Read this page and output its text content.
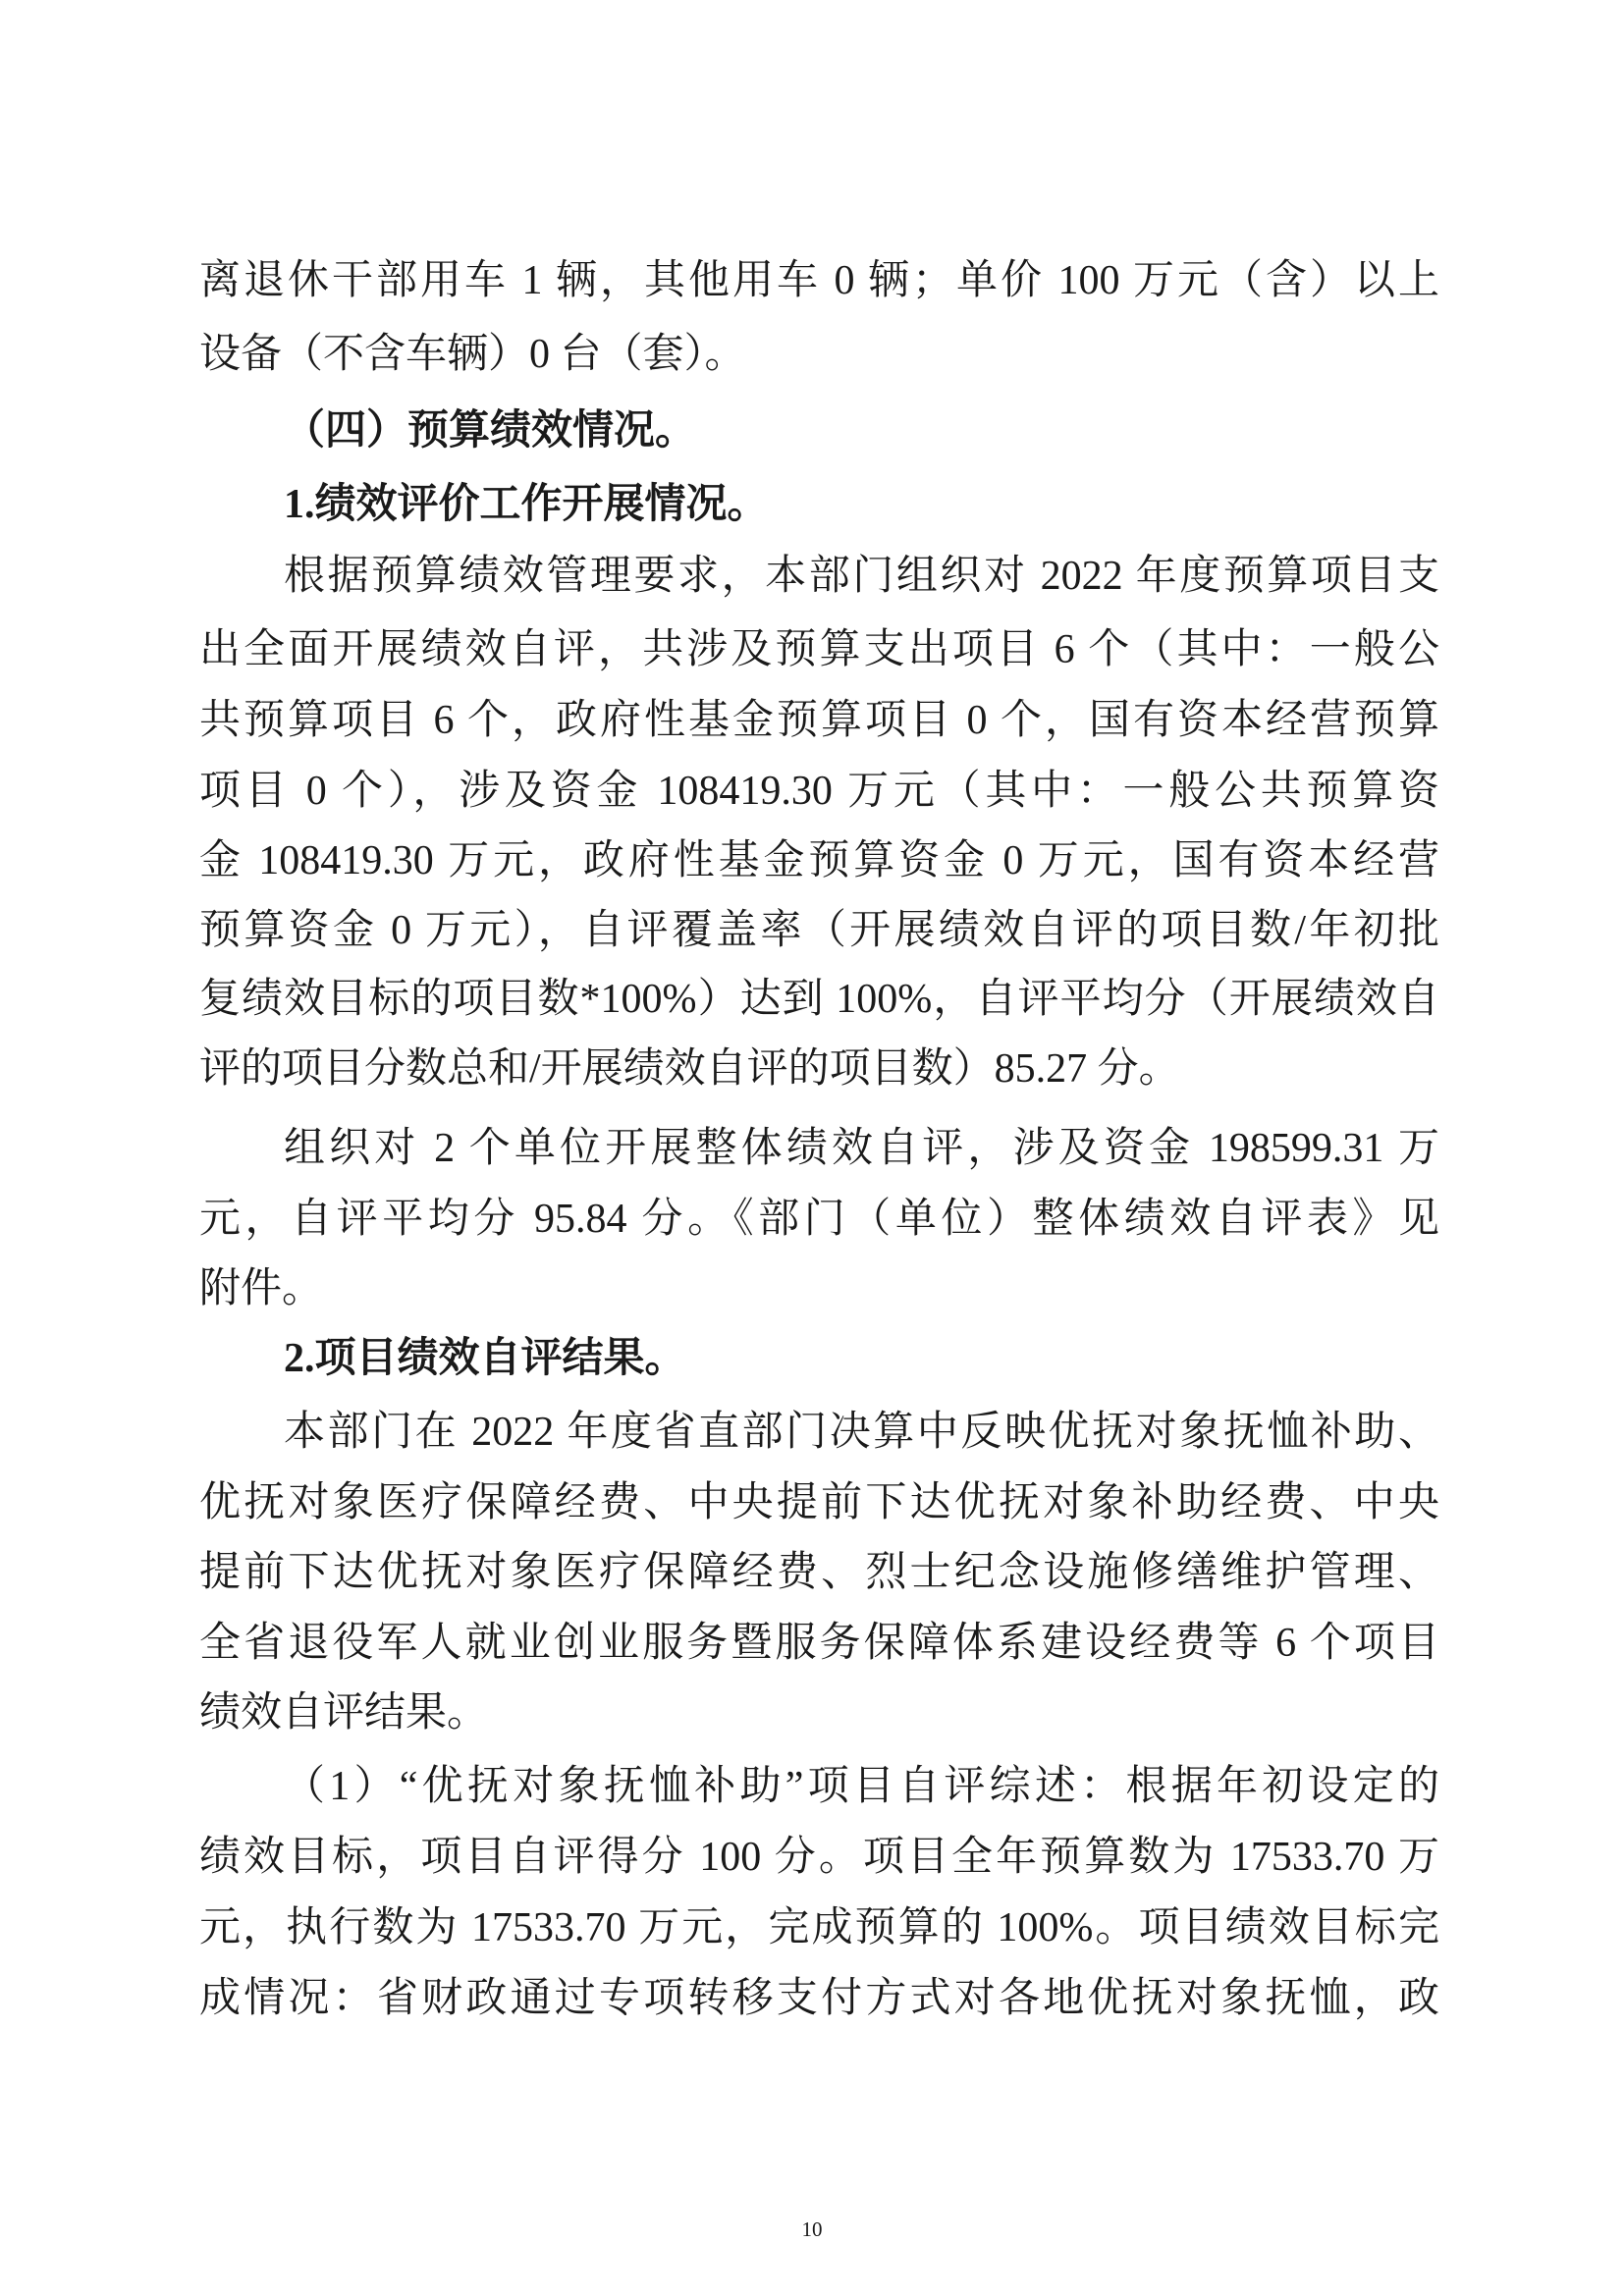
离退休干部用车 1 辆，其他用车 0 辆；单价 100 万元（含）以上
设备（不含车辆）0 台（套）。
（四）预算绩效情况。
1.绩效评价工作开展情况。
根据预算绩效管理要求，本部门组织对 2022 年度预算项目支
出全面开展绩效自评，共涉及预算支出项目 6 个（其中：一般公
共预算项目 6 个，政府性基金预算项目 0 个，国有资本经营预算
项目 0 个），涉及资金 108419.30 万元（其中：一般公共预算资
金 108419.30 万元，政府性基金预算资金 0 万元，国有资本经营
预算资金 0 万元），自评覆盖率（开展绩效自评的项目数/年初批
复绩效目标的项目数*100%）达到 100%，自评平均分（开展绩效自
评的项目分数总和/开展绩效自评的项目数）85.27 分。
组织对 2 个单位开展整体绩效自评，涉及资金 198599.31 万
元，自评平均分 95.84 分。《部门（单位）整体绩效自评表》见
附件。
2.项目绩效自评结果。
本部门在 2022 年度省直部门决算中反映优抚对象抚恤补助、
优抚对象医疗保障经费、中央提前下达优抚对象补助经费、中央
提前下达优抚对象医疗保障经费、烈士纪念设施修缮维护管理、
全省退役军人就业创业服务暨服务保障体系建设经费等 6 个项目
绩效自评结果。
（1）“优抚对象抚恤补助”项目自评综述：根据年初设定的
绩效目标，项目自评得分 100 分。项目全年预算数为 17533.70 万
元，执行数为 17533.70 万元，完成预算的 100%。项目绩效目标完
成情况：省财政通过专项转移支付方式对各地优抚对象抚恤，政
10
